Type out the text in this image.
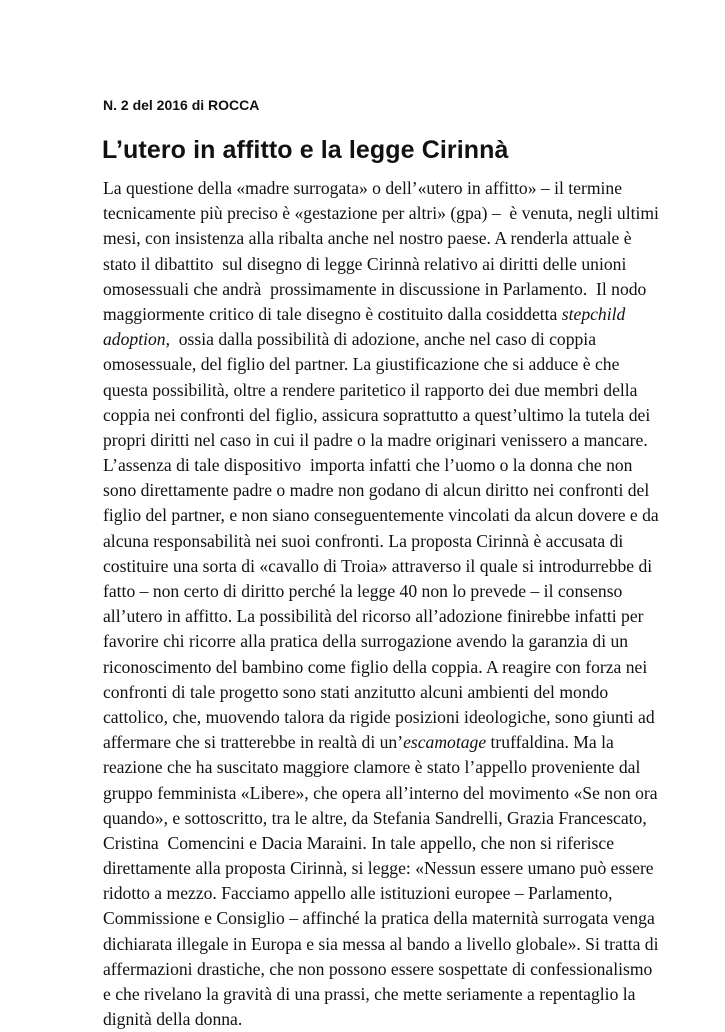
N. 2 del 2016 di ROCCA
L’utero in affitto e la legge Cirinnà
La questione della «madre surrogata» o dell’«utero in affitto» – il termine
tecnicamente più preciso è «gestazione per altri» (gpa) –  è venuta, negli ultimi
mesi, con insistenza alla ribalta anche nel nostro paese. A renderla attuale è
stato il dibattito  sul disegno di legge Cirinnà relativo ai diritti delle unioni
omosessuali che andrà  prossimamente in discussione in Parlamento.  Il nodo
maggiormente critico di tale disegno è costituito dalla cosiddetta stepchild
adoption,  ossia dalla possibilità di adozione, anche nel caso di coppia
omosessuale, del figlio del partner. La giustificazione che si adduce è che
questa possibilità, oltre a rendere paritetico il rapporto dei due membri della
coppia nei confronti del figlio, assicura soprattutto a quest’ultimo la tutela dei
propri diritti nel caso in cui il padre o la madre originari venissero a mancare.
L’assenza di tale dispositivo  importa infatti che l’uomo o la donna che non
sono direttamente padre o madre non godano di alcun diritto nei confronti del
figlio del partner, e non siano conseguentemente vincolati da alcun dovere e da
alcuna responsabilità nei suoi confronti. La proposta Cirinnà è accusata di
costituire una sorta di «cavallo di Troia» attraverso il quale si introdurrebbe di
fatto – non certo di diritto perché la legge 40 non lo prevede – il consenso
all’utero in affitto. La possibilità del ricorso all’adozione finirebbe infatti per
favorire chi ricorre alla pratica della surrogazione avendo la garanzia di un
riconoscimento del bambino come figlio della coppia. A reagire con forza nei
confronti di tale progetto sono stati anzitutto alcuni ambienti del mondo
cattolico, che, muovendo talora da rigide posizioni ideologiche, sono giunti ad
affermare che si tratterebbe in realtà di un’escamotage truffaldina. Ma la
reazione che ha suscitato maggiore clamore è stato l’appello proveniente dal
gruppo femminista «Libere», che opera all’interno del movimento «Se non ora
quando», e sottoscritto, tra le altre, da Stefania Sandrelli, Grazia Francescato,
Cristina  Comencini e Dacia Maraini. In tale appello, che non si riferisce
direttamente alla proposta Cirinnà, si legge: «Nessun essere umano può essere
ridotto a mezzo. Facciamo appello alle istituzioni europee – Parlamento,
Commissione e Consiglio – affinché la pratica della maternità surrogata venga
dichiarata illegale in Europa e sia messa al bando a livello globale». Si tratta di
affermazioni drastiche, che non possono essere sospettate di confessionalismo
e che rivelano la gravità di una prassi, che mette seriamente a repentaglio la
dignità della donna.
